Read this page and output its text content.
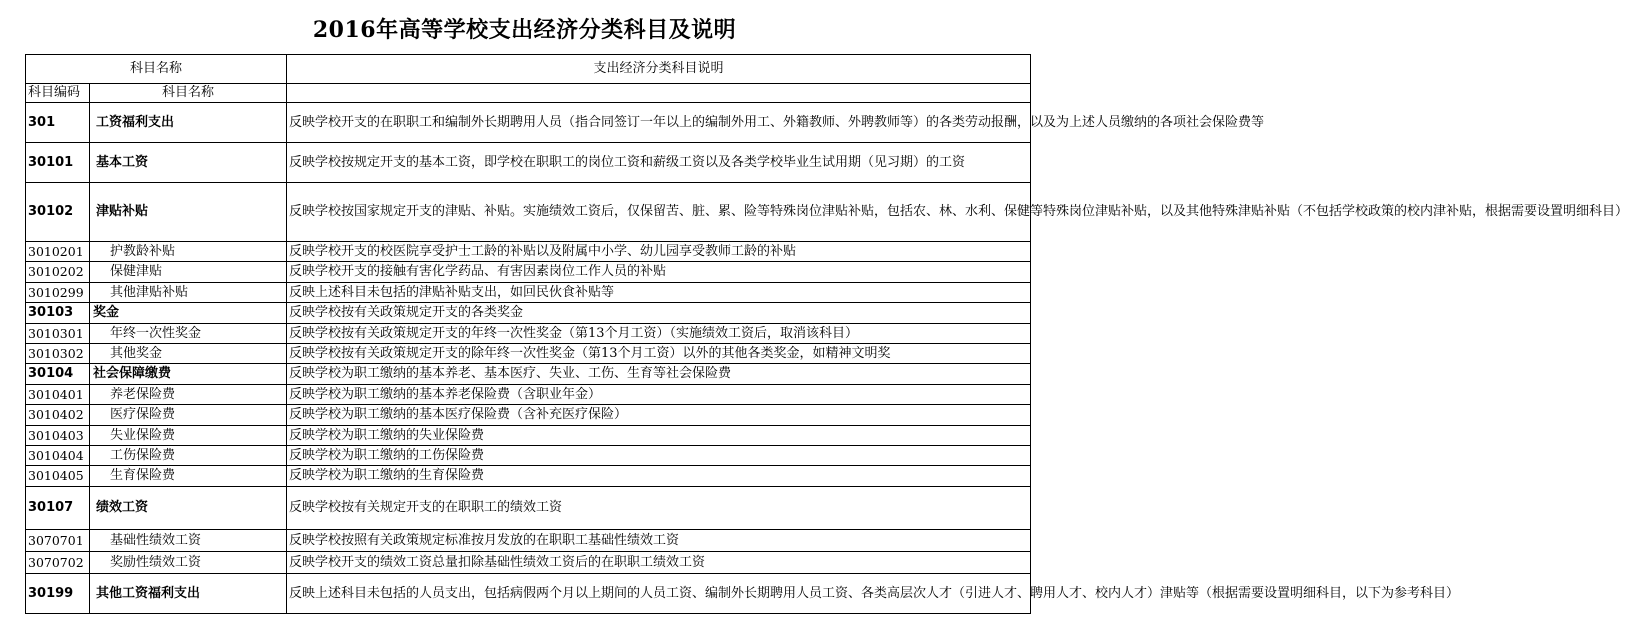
2016年高等学校支出经济分类科目及说明
科目名称		支出经济分类科目说明
科目编码	科目名称	
301	工资福利支出	反映学校开支的在职职工和编制外长期聘用人员（指合同签订一年以上的编制外用工、外籍教师、外聘教师等）的各类劳动报酬，以及为上述人员缴纳的各项社会保险费等
30101	基本工资	反映学校按规定开支的基本工资，即学校在职职工的岗位工资和薪级工资以及各类学校毕业生试用期（见习期）的工资
30102	津贴补贴	反映学校按国家规定开支的津贴、补贴。实施绩效工资后，仅保留苦、脏、累、险等特殊岗位津贴补贴，包括农、林、水利、保健等特殊岗位津贴补贴，以及其他特殊津贴补贴（不包括学校政策的校内津补贴，根据需要设置明细科目）
3010201	护教龄补贴	反映学校开支的校医院享受护士工龄的补贴以及附属中小学、幼儿园享受教师工龄的补贴
3010202	保健津贴	反映学校开支的接触有害化学药品、有害因素岗位工作人员的补贴
3010299	其他津贴补贴	反映上述科目未包括的津贴补贴支出，如回民伙食补贴等
30103	奖金	反映学校按有关政策规定开支的各类奖金
3010301	年终一次性奖金	反映学校按有关政策规定开支的年终一次性奖金（第13个月工资）（实施绩效工资后，取消该科目）
3010302	其他奖金	反映学校按有关政策规定开支的除年终一次性奖金（第13个月工资）以外的其他各类奖金，如精神文明奖
30104	社会保障缴费	反映学校为职工缴纳的基本养老、基本医疗、失业、工伤、生育等社会保险费
3010401	养老保险费	反映学校为职工缴纳的基本养老保险费（含职业年金）
3010402	医疗保险费	反映学校为职工缴纳的基本医疗保险费（含补充医疗保险）
3010403	失业保险费	反映学校为职工缴纳的失业保险费
3010404	工伤保险费	反映学校为职工缴纳的工伤保险费
3010405	生育保险费	反映学校为职工缴纳的生育保险费
30107	绩效工资	反映学校按有关规定开支的在职职工的绩效工资
3070701	基础性绩效工资	反映学校按照有关政策规定标准按月发放的在职职工基础性绩效工资
3070702	奖励性绩效工资	反映学校开支的绩效工资总量扣除基础性绩效工资后的在职职工绩效工资
30199	其他工资福利支出	反映上述科目未包括的人员支出，包括病假两个月以上期间的人员工资、编制外长期聘用人员工资、各类高层次人才（引进人才、聘用人才、校内人才）津贴等（根据需要设置明细科目，以下为参考科目）
